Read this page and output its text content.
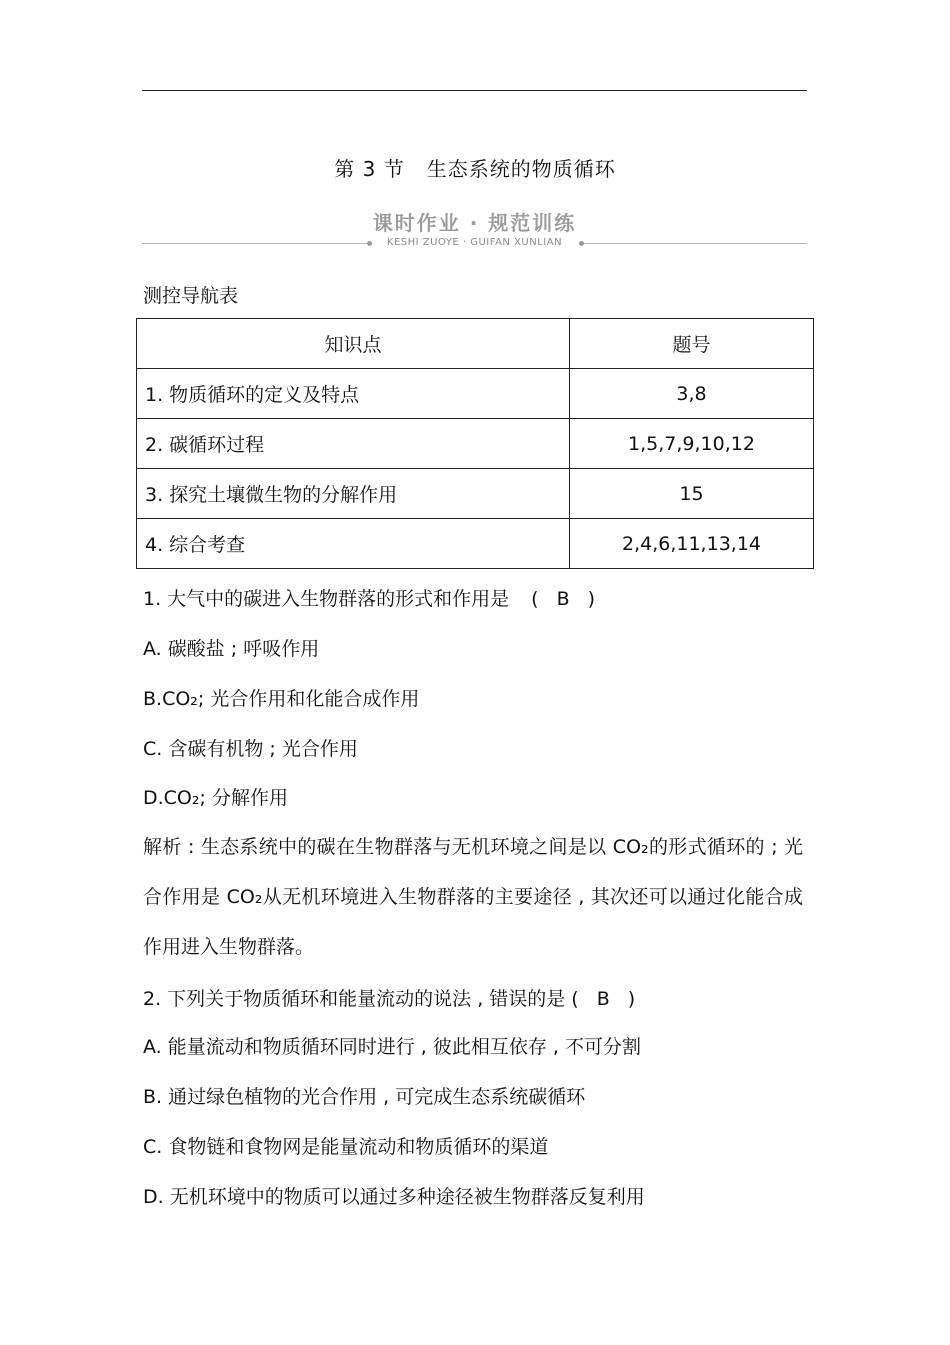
第 3 节 生态系统的物质循环
课时作业 · 规范训练
KESHI ZUOYE · GUIFAN XUNLIAN
测控导航表
知识点	题号
1. 物质循环的定义及特点	3,8
2. 碳循环过程	1,5,7,9,10,12
3. 探究土壤微生物的分解作用	15
4. 综合考查	2,4,6,11,13,14
1. 大气中的碳进入生物群落的形式和作用是 ( B )
A. 碳酸盐 ; 呼吸作用
B.CO₂; 光合作用和化能合成作用
C. 含碳有机物 ; 光合作用
D.CO₂; 分解作用
解析 : 生态系统中的碳在生物群落与无机环境之间是以 CO₂的形式循环的 ; 光合作用是 CO₂从无机环境进入生物群落的主要途径 , 其次还可以通过化能合成作用进入生物群落。
2. 下列关于物质循环和能量流动的说法 , 错误的是 ( B )
A. 能量流动和物质循环同时进行 , 彼此相互依存 , 不可分割
B. 通过绿色植物的光合作用 , 可完成生态系统碳循环
C. 食物链和食物网是能量流动和物质循环的渠道
D. 无机环境中的物质可以通过多种途径被生物群落反复利用
